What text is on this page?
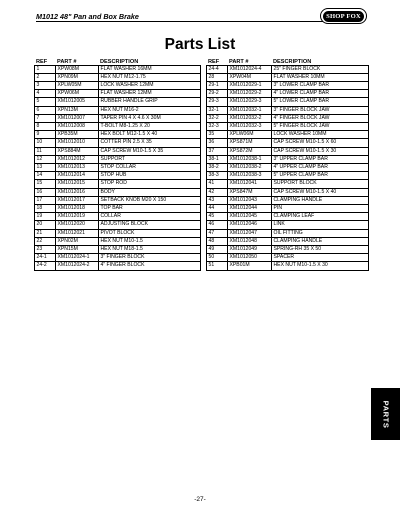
M1012 48" Pan and Box Brake	SHOP FOX
Parts List
REF	PART #	DESCRIPTION
1	XPW08M	FLAT WASHER 16MM
2	XPN09M	HEX NUT M12-1.75
3	XPLW05M	LOCK WASHER 12MM
4	XPW06M	FLAT WASHER 12MM
5	XM1012005	RUBBER HANDLE GRIP
6	XPN13M	HEX NUT M16-2
7	XM1012007	TAPER PIN 4 X 4.6 X 30M
8	XM1012008	T-BOLT M8-1.25 X 20
9	XPB35M	HEX BOLT M12-1.5 X 40
10	XM1012010	COTTER PIN 2.5 X 35
11	XPS884M	CAP SCREW M10-1.5 X 35
12	XM1012012	SUPPORT
13	XM1012013	STOP COLLAR
14	XM1012014	STOP HUB
15	XM1012015	STOP ROD
16	XM1012016	BODY
17	XM1012017	SETBACK KNOB M20 X 150
18	XM1012018	TOP BAR
19	XM1012019	COLLAR
20	XM1012020	ADJUSTING BLOCK
21	XM1012021	PIVOT BLOCK
22	XPN02M	HEX NUT M10-1.5
23	XPN15M	HEX NUT M18-1.5
24-1	XM1012024-1	3" FINGER BLOCK
24-2	XM1012024-2	4" FINGER BLOCK
REF	PART #	DESCRIPTION
24-4	XM1012024-4	25" FINGER BLOCK
28	XPW04M	FLAT WASHER 10MM
29-1	XM1012029-1	3" LOWER CLAMP BAR
29-2	XM1012029-2	4" LOWER CLAMP BAR
29-3	XM1012029-3	5" LOWER CLAMP BAR
32-1	XM1012032-1	3" FINGER BLOCK JAW
32-2	XM1012032-2	4" FINGER BLOCK JAW
32-3	XM1012032-3	5" FINGER BLOCK JAW
35	XPLW06M	LOCK WASHER 10MM
36	XPS871M	CAP SCREW M10-1.5 X 60
37	XPS872M	CAP SCREW M10-1.5 X 30
38-1	XM1012038-1	3" UPPER CLAMP BAR
38-2	XM1012038-2	4" UPPER CLAMP BAR
38-3	XM1012038-3	5" UPPER CLAMP BAR
41	XM1012041	SUPPORT BLOCK
42	XPS847M	CAP SCREW M10-1.5 X 40
43	XM1012043	CLAMPING HANDLE
44	XM1012044	PIN
45	XM1012045	CLAMPING LEAF
46	XM1012046	LINK
47	XM1012047	OIL FITTING
48	XM1012048	CLAMPING HANDLE
49	XM1012049	SPRING-RH 35 X 50
50	XM1012050	SPACER
51	XPB01M	HEX NUT M10-1.5 X 30
PARTS
-27-
